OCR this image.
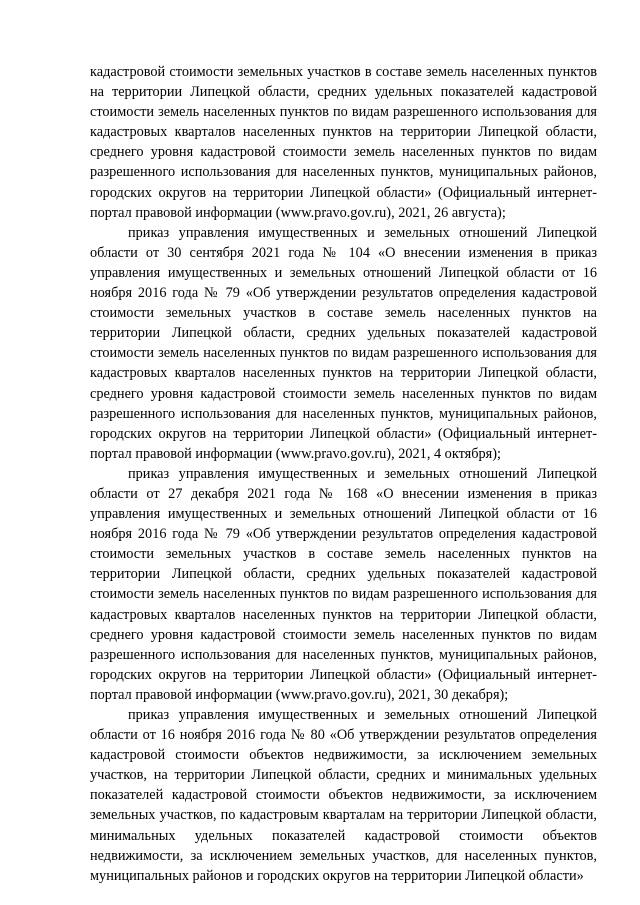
кадастровой стоимости земельных участков в составе земель населенных пунктов на территории Липецкой области, средних удельных показателей кадастровой стоимости земель населенных пунктов по видам разрешенного использования для кадастровых кварталов населенных пунктов на территории Липецкой области, среднего уровня кадастровой стоимости земель населенных пунктов по видам разрешенного использования для населенных пунктов, муниципальных районов, городских округов на территории Липецкой области» (Официальный интернет-портал правовой информации (www.pravo.gov.ru), 2021, 26 августа);

приказ управления имущественных и земельных отношений Липецкой области от 30 сентября 2021 года № 104 «О внесении изменения в приказ управления имущественных и земельных отношений Липецкой области от 16 ноября 2016 года № 79 «Об утверждении результатов определения кадастровой стоимости земельных участков в составе земель населенных пунктов на территории Липецкой области, средних удельных показателей кадастровой стоимости земель населенных пунктов по видам разрешенного использования для кадастровых кварталов населенных пунктов на территории Липецкой области, среднего уровня кадастровой стоимости земель населенных пунктов по видам разрешенного использования для населенных пунктов, муниципальных районов, городских округов на территории Липецкой области» (Официальный интернет-портал правовой информации (www.pravo.gov.ru), 2021, 4 октября);

приказ управления имущественных и земельных отношений Липецкой области от 27 декабря 2021 года № 168 «О внесении изменения в приказ управления имущественных и земельных отношений Липецкой области от 16 ноября 2016 года № 79 «Об утверждении результатов определения кадастровой стоимости земельных участков в составе земель населенных пунктов на территории Липецкой области, средних удельных показателей кадастровой стоимости земель населенных пунктов по видам разрешенного использования для кадастровых кварталов населенных пунктов на территории Липецкой области, среднего уровня кадастровой стоимости земель населенных пунктов по видам разрешенного использования для населенных пунктов, муниципальных районов, городских округов на территории Липецкой области» (Официальный интернет-портал правовой информации (www.pravo.gov.ru), 2021, 30 декабря);

приказ управления имущественных и земельных отношений Липецкой области от 16 ноября 2016 года № 80 «Об утверждении результатов определения кадастровой стоимости объектов недвижимости, за исключением земельных участков, на территории Липецкой области, средних и минимальных удельных показателей кадастровой стоимости объектов недвижимости, за исключением земельных участков, по кадастровым кварталам на территории Липецкой области, минимальных удельных показателей кадастровой стоимости объектов недвижимости, за исключением земельных участков, для населенных пунктов, муниципальных районов и городских округов на территории Липецкой области»
